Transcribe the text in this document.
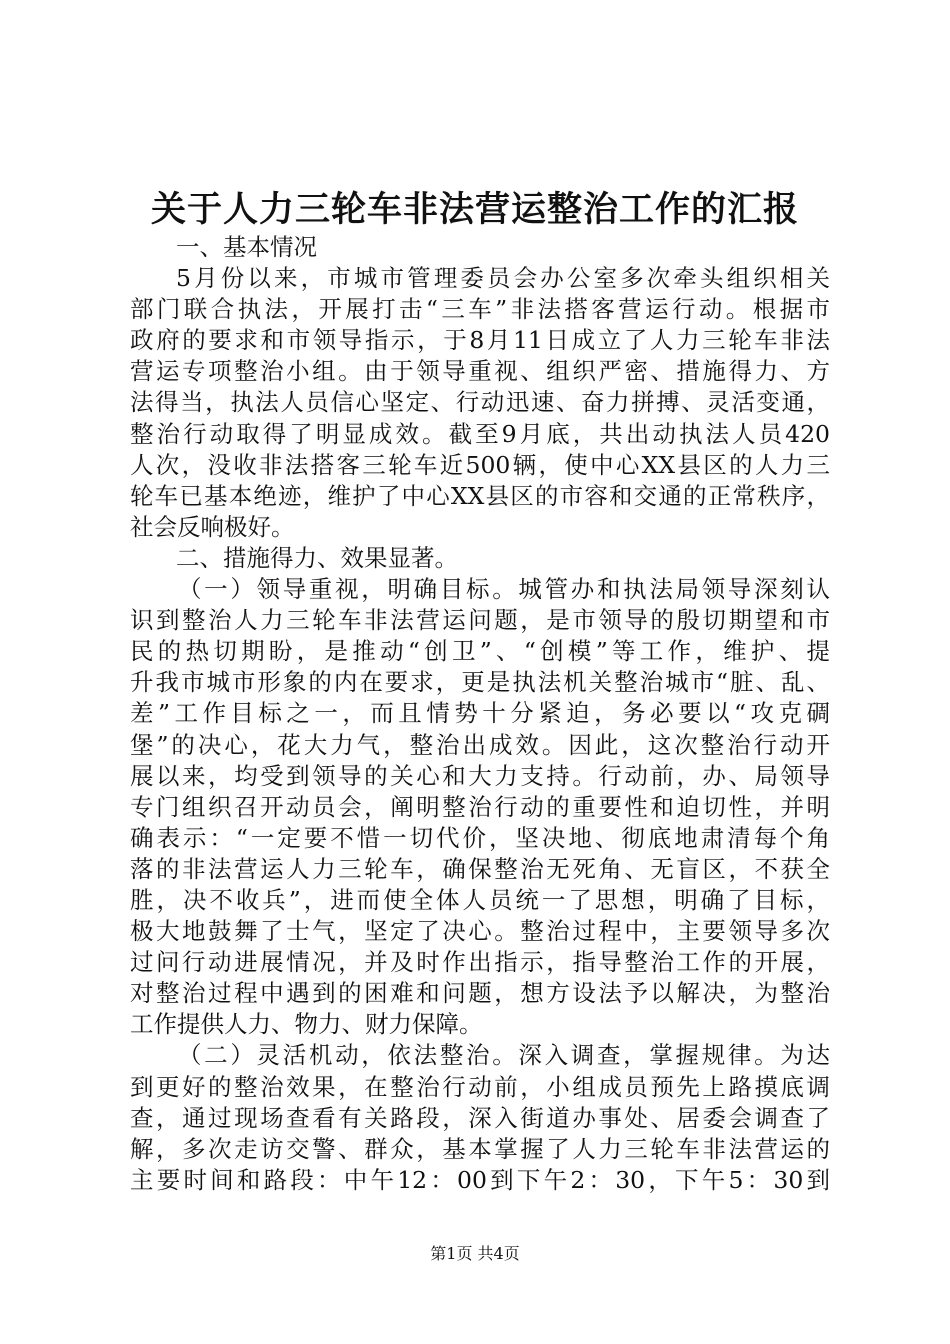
关于人力三轮车非法营运整治工作的汇报
一、基本情况
5月份以来，市城市管理委员会办公室多次牵头组织相关
部门联合执法，开展打击“三车”非法搭客营运行动。根据市
政府的要求和市领导指示，于8月11日成立了人力三轮车非法
营运专项整治小组。由于领导重视、组织严密、措施得力、方
法得当，执法人员信心坚定、行动迅速、奋力拼搏、灵活变通，
整治行动取得了明显成效。截至9月底，共出动执法人员420
人次，没收非法搭客三轮车近500辆，使中心XX县区的人力三
轮车已基本绝迹，维护了中心XX县区的市容和交通的正常秩序，
社会反响极好。
二、措施得力、效果显著。
（一）领导重视，明确目标。城管办和执法局领导深刻认
识到整治人力三轮车非法营运问题，是市领导的殷切期望和市
民的热切期盼，是推动“创卫”、“创模”等工作，维护、提
升我市城市形象的内在要求，更是执法机关整治城市“脏、乱、
差”工作目标之一，而且情势十分紧迫，务必要以“攻克碉
堡”的决心，花大力气，整治出成效。因此，这次整治行动开
展以来，均受到领导的关心和大力支持。行动前，办、局领导
专门组织召开动员会，阐明整治行动的重要性和迫切性，并明
确表示：“一定要不惜一切代价，坚决地、彻底地肃清每个角
落的非法营运人力三轮车，确保整治无死角、无盲区，不获全
胜，决不收兵”，进而使全体人员统一了思想，明确了目标，
极大地鼓舞了士气，坚定了决心。整治过程中，主要领导多次
过问行动进展情况，并及时作出指示，指导整治工作的开展，
对整治过程中遇到的困难和问题，想方设法予以解决，为整治
工作提供人力、物力、财力保障。
（二）灵活机动，依法整治。深入调查，掌握规律。为达
到更好的整治效果，在整治行动前，小组成员预先上路摸底调
查，通过现场查看有关路段，深入街道办事处、居委会调查了
解，多次走访交警、群众，基本掌握了人力三轮车非法营运的
主要时间和路段：中午12：00到下午2：30，下午5：30到
第1页 共4页
